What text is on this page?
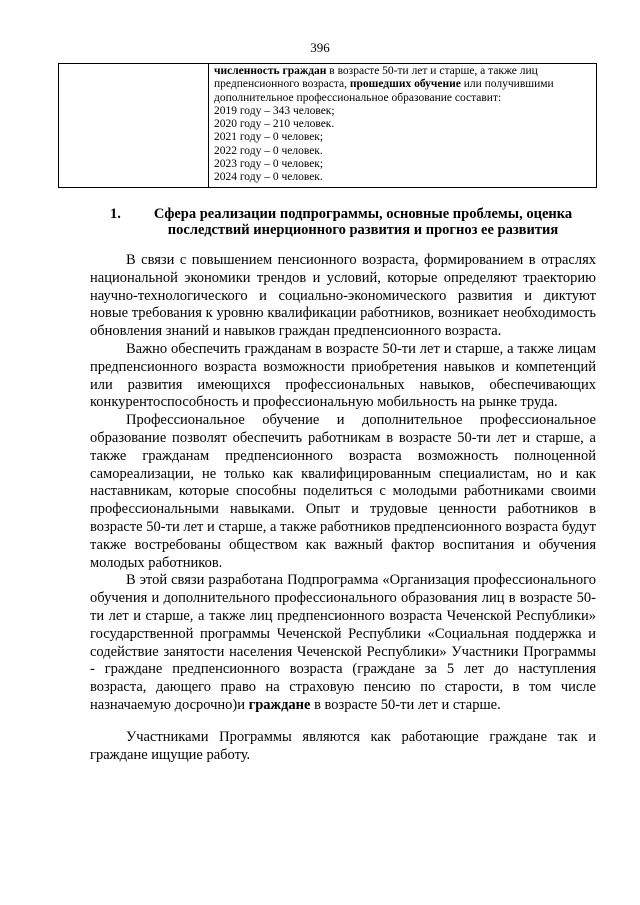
396

численность граждан в возрасте 50-ти лет и старше, а также лиц предпенсионного возраста, прошедших обучение или получившими дополнительное профессиональное образование составит:

2019 году – 343 человек;

2020 году – 210 человек.

2021 году – 0 человек;

2022 году – 0 человек.

2023 году – 0 человек;

2024 году – 0 человек.

1.	Сфера реализации подпрограммы, основные проблемы, оценка последствий инерционного развития и прогноз ее развития

В связи с повышением пенсионного возраста, формированием в отраслях национальной экономики трендов и условий, которые определяют траекторию научно-технологического и социально-экономического развития и диктуют новые требования к уровню квалификации работников, возникает необходимость обновления знаний и навыков граждан предпенсионного возраста.

Важно обеспечить гражданам в возрасте 50-ти лет и старше, а также лицам предпенсионного возраста возможности приобретения навыков и компетенций или развития имеющихся профессиональных навыков, обеспечивающих конкурентоспособность и профессиональную мобильность на рынке труда.

Профессиональное обучение и дополнительное профессиональное образование позволят обеспечить работникам в возрасте 50-ти лет и старше, а также гражданам предпенсионного возраста возможность полноценной самореализации, не только как квалифицированным специалистам, но и как наставникам, которые способны поделиться с молодыми работниками своими профессиональными навыками. Опыт и трудовые ценности работников в возрасте 50-ти лет и старше, а также работников предпенсионного возраста будут также востребованы обществом как важный фактор воспитания и обучения молодых работников.

В этой связи разработана Подпрограмма «Организация профессионального обучения и дополнительного профессионального образования лиц в возрасте 50-ти лет и старше, а также лиц предпенсионного возраста Чеченской Республики» государственной программы Чеченской Республики «Социальная поддержка и содействие занятости населения Чеченской Республики» Участники Программы - граждане предпенсионного возраста (граждане за 5 лет до наступления возраста, дающего право на страховую пенсию по старости, в том числе назначаемую досрочно)и граждане в возрасте 50-ти лет и старше.

Участниками Программы являются как работающие граждане так и граждане ищущие работу.
